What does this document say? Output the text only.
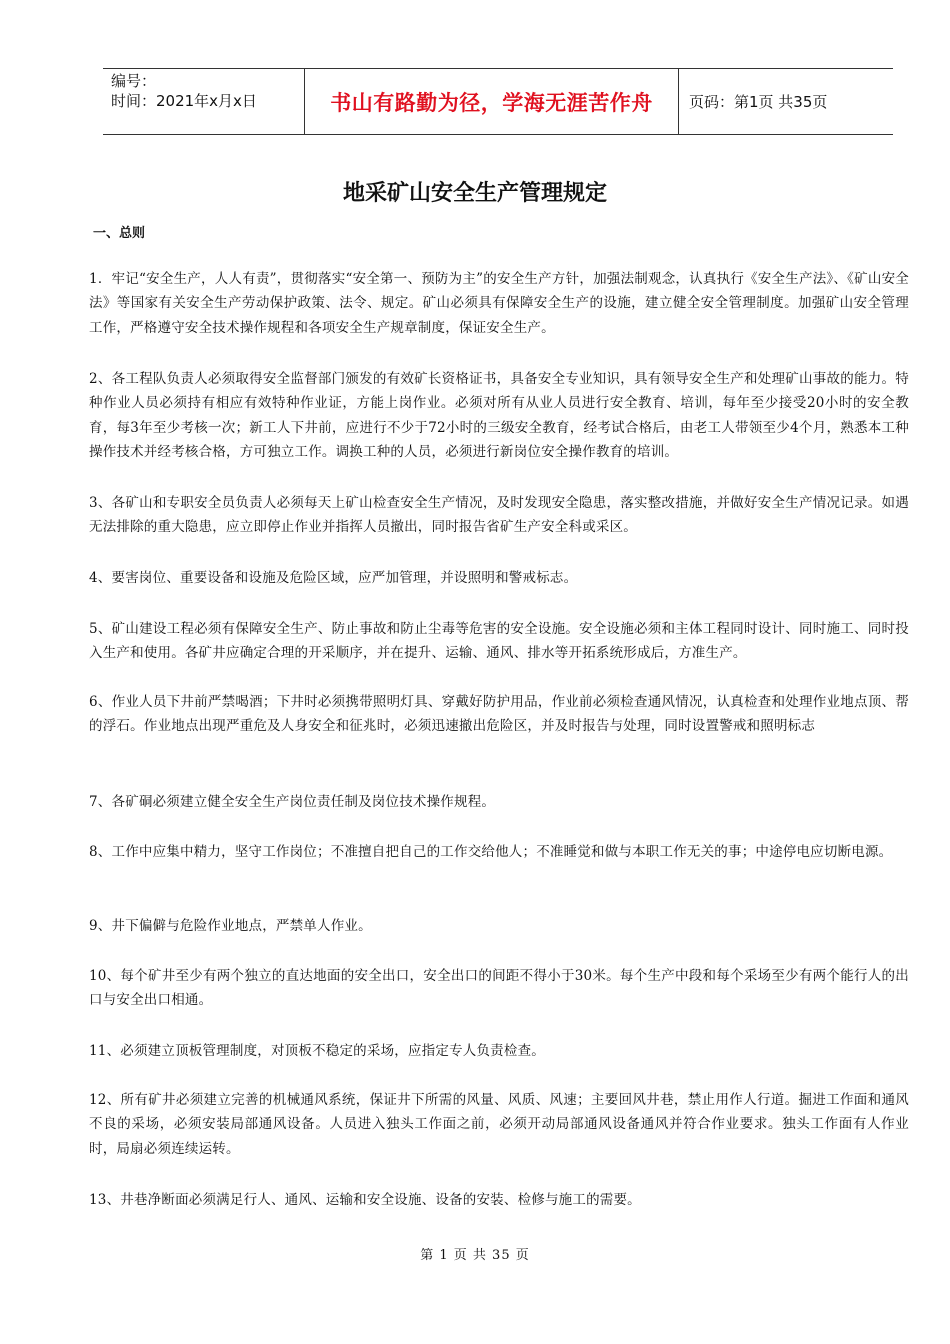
编号：
时间：2021年x月x日	书山有路勤为径，学海无涯苦作舟 页码：第1页 共35页
地采矿山安全生产管理规定
一、总则
1．牢记“安全生产，人人有责”，贯彻落实“安全第一、预防为主”的安全生产方针，加强法制观念，认真执行《安全生产法》、《矿山安全法》等国家有关安全生产劳动保护政策、法令、规定。矿山必须具有保障安全生产的设施，建立健全安全管理制度。加强矿山安全管理工作，严格遵守安全技术操作规程和各项安全生产规章制度，保证安全生产。
2、各工程队负责人必须取得安全监督部门颁发的有效矿长资格证书，具备安全专业知识，具有领导安全生产和处理矿山事故的能力。特种作业人员必须持有相应有效特种作业证，方能上岗作业。必须对所有从业人员进行安全教育、培训，每年至少接受20小时的安全教育，每3年至少考核一次；新工人下井前，应进行不少于72小时的三级安全教育，经考试合格后，由老工人带领至少4个月，熟悉本工种操作技术并经考核合格，方可独立工作。调换工种的人员，必须进行新岗位安全操作教育的培训。
3、各矿山和专职安全员负责人必须每天上矿山检查安全生产情况，及时发现安全隐患，落实整改措施，并做好安全生产情况记录。如遇无法排除的重大隐患，应立即停止作业并指挥人员撤出，同时报告省矿生产安全科或采区。
4、要害岗位、重要设备和设施及危险区域，应严加管理，并设照明和警戒标志。
5、矿山建设工程必须有保障安全生产、防止事故和防止尘毒等危害的安全设施。安全设施必须和主体工程同时设计、同时施工、同时投入生产和使用。各矿井应确定合理的开采顺序，并在提升、运输、通风、排水等开拓系统形成后，方准生产。
6、作业人员下井前严禁喝酒；下井时必须携带照明灯具、穿戴好防护用品，作业前必须检查通风情况，认真检查和处理作业地点顶、帮的浮石。作业地点出现严重危及人身安全和征兆时，必须迅速撤出危险区，并及时报告与处理，同时设置警戒和照明标志
7、各矿硐必须建立健全安全生产岗位责任制及岗位技术操作规程。
8、工作中应集中精力，坚守工作岗位；不准擅自把自己的工作交给他人；不准睡觉和做与本职工作无关的事；中途停电应切断电源。
9、井下偏僻与危险作业地点，严禁单人作业。
10、每个矿井至少有两个独立的直达地面的安全出口，安全出口的间距不得小于30米。每个生产中段和每个采场至少有两个能行人的出口与安全出口相通。
11、必须建立顶板管理制度，对顶板不稳定的采场，应指定专人负责检查。
12、所有矿井必须建立完善的机械通风系统，保证井下所需的风量、风质、风速；主要回风井巷，禁止用作人行道。掘进工作面和通风不良的采场，必须安装局部通风设备。人员进入独头工作面之前，必须开动局部通风设备通风并符合作业要求。独头工作面有人作业时，局扇必须连续运转。
13、井巷净断面必须满足行人、通风、运输和安全设施、设备的安装、检修与施工的需要。
第 1 页 共 35 页
